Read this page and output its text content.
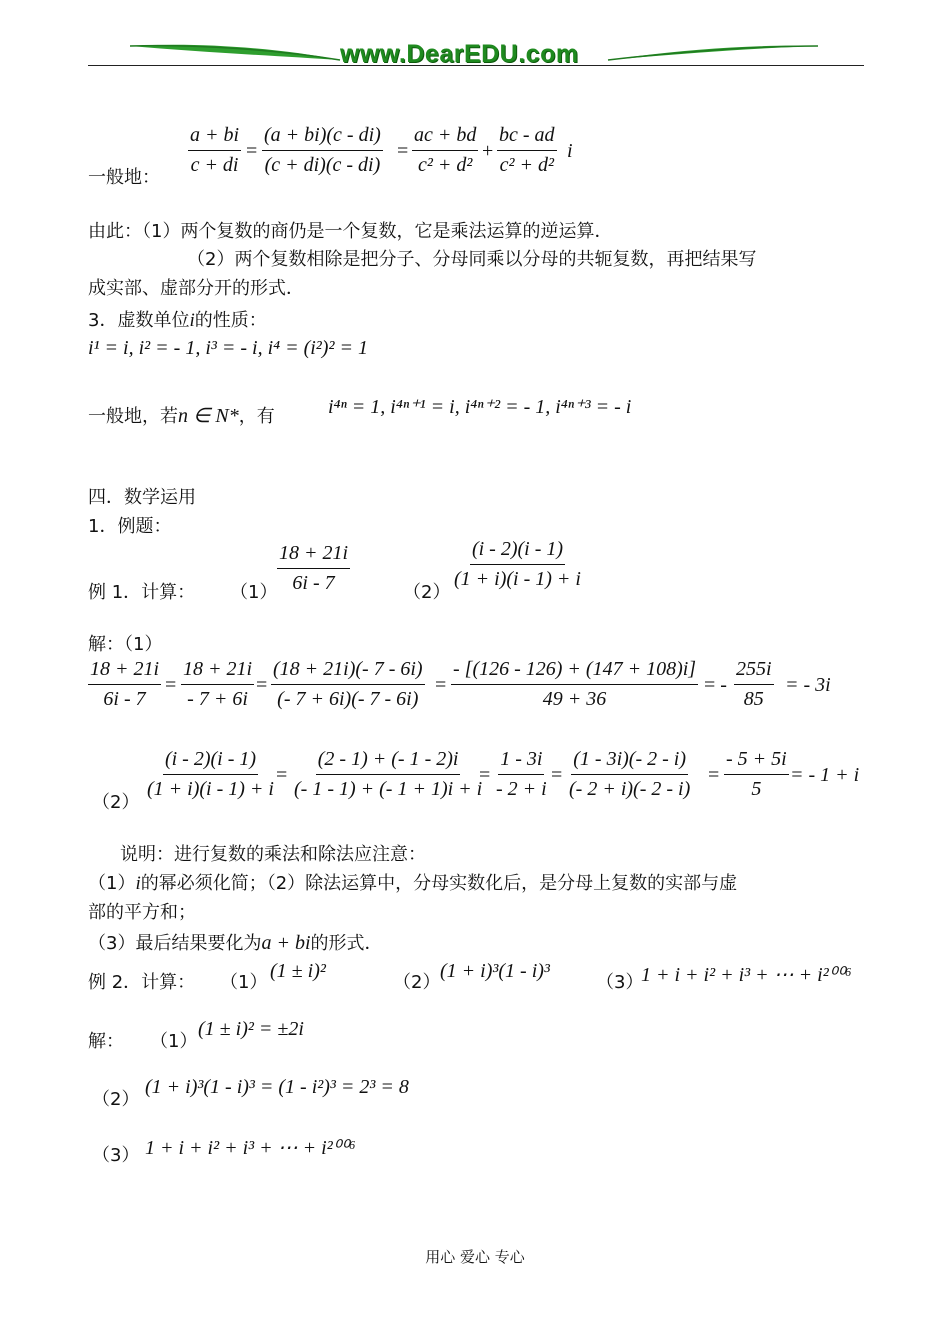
www.DearEDU.com
一般地：
$\frac{a + bi}{c + di} = \frac{(a + bi)(c - di)}{(c + di)(c - di)} = \frac{ac + bd}{\text{c² + d²}} + \frac{bc - ad}{\text{c² + d²}}$ i
由此：（1）两个复数的商仍是一个复数，它是乘法运算的逆运算．
（2）两个复数相除是把分子、分母同乘以分母的共轭复数，再把结果写
成实部、虚部分开的形式．
3．虚数单位i的性质：
i¹ = i, i² = - 1, i³ = - i, i⁴ = (i²)² = 1
一般地，若n ∈ N*，有	i⁴ⁿ = 1, i⁴ⁿ⁺¹ = i, i⁴ⁿ⁺² = - 1, i⁴ⁿ⁺³ = - i
四．数学运用
1．例题：
例 1．计算： $(1) \frac{18 + 21i}{6i - 7}$	（2）
$\frac{(i - 2)(i - 1)}{(1 + i)(i - 1) + i}$
解：（1）
$\frac{18 + 21i}{6i - 7} = \frac{18 + 21i}{- 7 + 6i} = \frac{(18 + 21i)(- 7 - 6i)}{(- 7 + 6i)(- 7 - 6i)} = \frac{- [(126 - 126) + (147 + 108)i]}{49 + 36}$ = - $\frac{255i}{85}$ = - 3i
（2）
$\frac{(i - 2)(i - 1)}{(1 + i)(i - 1) + i} = \frac{(2 - 1) + (- 1 - 2)i}{(- 1 - 1) + (- 1 + 1)i + i}$
= $\frac{1 - 3i}{- 2 + i} = \frac{(1 - 3i)(- 2 - i)}{(- 2 + i)(- 2 - i)} = \frac{- 5 + 5i}{5}$ = - 1 + i
说明：进行复数的乘法和除法应注意：
（1）i的幂必须化简；（2）除法运算中，分母实数化后，是分母上复数的实部与虚
部的平方和；
（3）最后结果要化为a + bi的形式．
例 2．计算： （1）
(1 ± i)²
（2）
(1 + i)³(1 - i)³
（3）
1 + i + i² + i³ + ⋯ + i²⁰⁰⁶
解： （1）
(1 ± i)² = ±2i
（2）
(1 + i)³(1 - i)³ = (1 - i²)³ = 2³ = 8
（3） 1 + i + i² + i³ + ⋯ + i²⁰⁰⁶
用心 爱心 专心
